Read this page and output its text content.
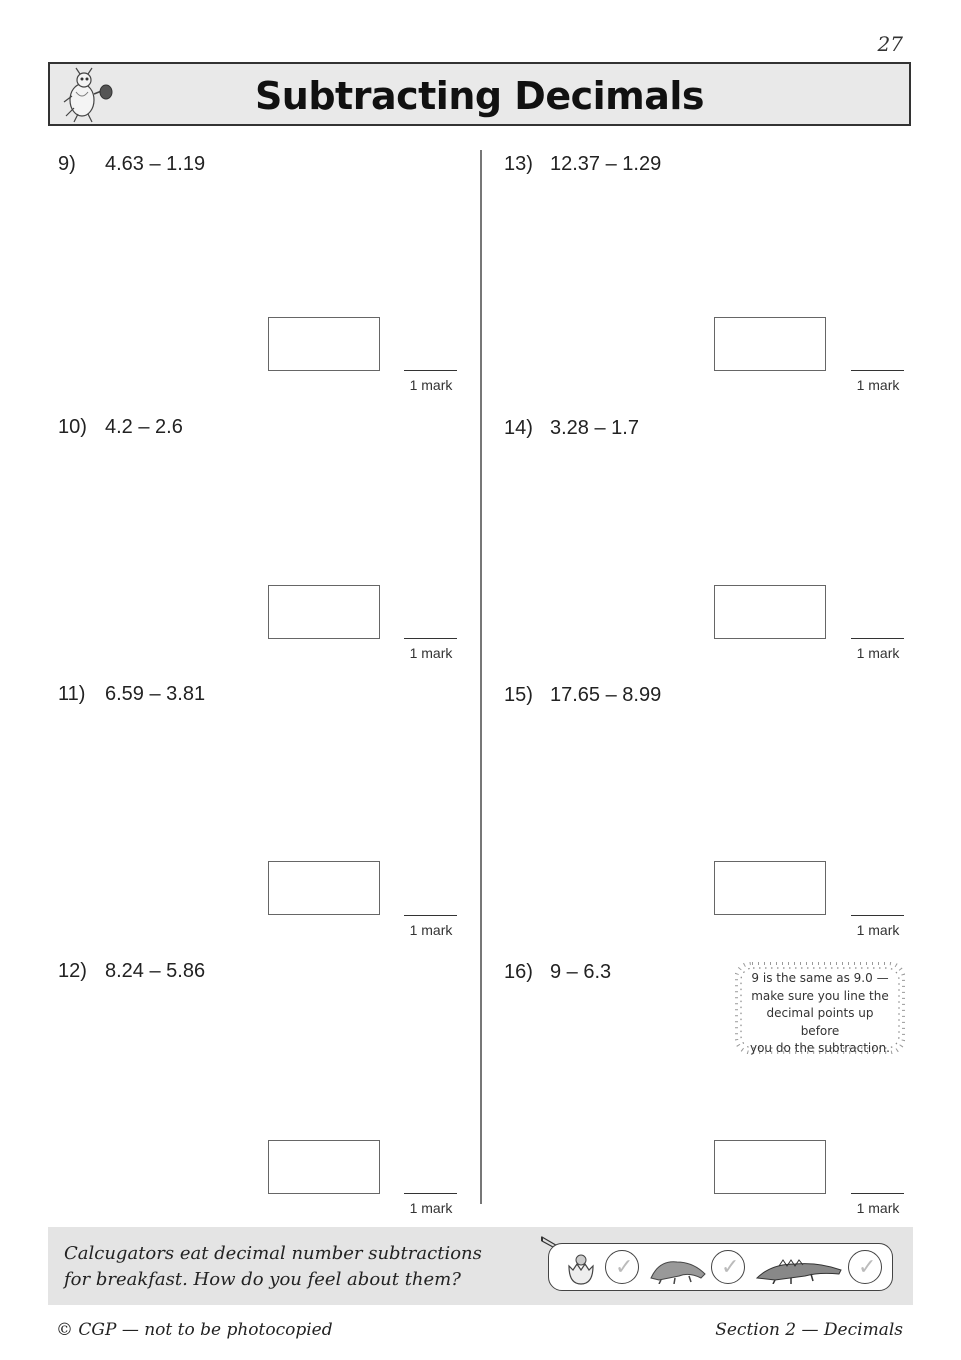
27
Subtracting Decimals
9) 4.63 – 1.19
1 mark
10) 4.2 – 2.6
1 mark
11) 6.59 – 3.81
1 mark
12) 8.24 – 5.86
1 mark
13) 12.37 – 1.29
1 mark
14) 3.28 – 1.7
1 mark
15) 17.65 – 8.99
1 mark
16) 9 – 6.3
1 mark
9 is the same as 9.0 —
make sure you line the
decimal points up before
you do the subtraction.
Calcugators eat decimal number subtractions
for breakfast. How do you feel about them?
✓	✓	✓
© CGP — not to be photocopied	Section 2 — Decimals
